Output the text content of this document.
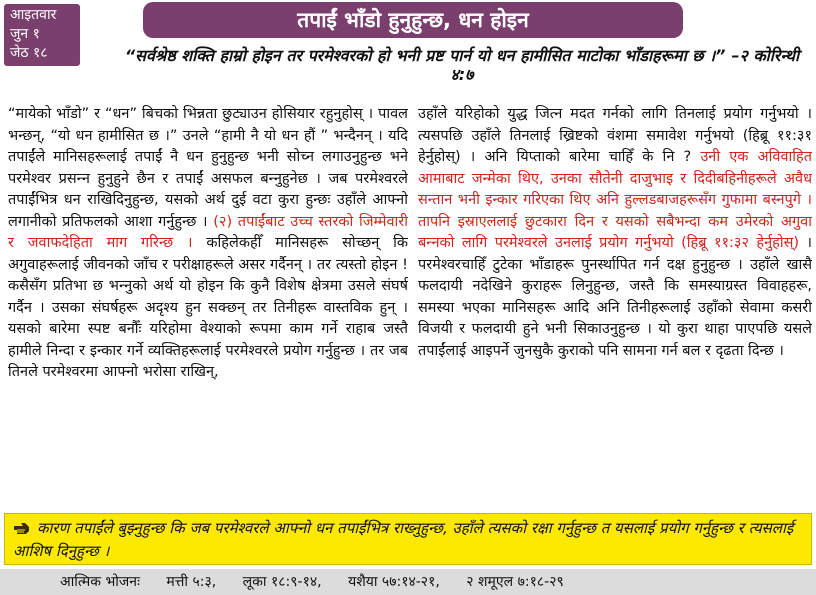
आइतवार
जुन १
जेठ १८
तपाईं भाँडो हुनुहुन्छ, धन होइन
“सर्वश्रेष्ठ शक्ति हाम्रो होइन तर परमेश्‍वरको हो भनी प्रष्ट पार्न यो धन हामीसित माटोका भाँडाहरूमा छ ।” –२ कोरिन्थी ४:७
“मायेको भाँडो” र “धन” बिचको भिन्नता छुट्याउन होसियार रहुनुहोस् । पावल भन्छन्, “यो धन हामीसित छ ।” उनले “हामी नै यो धन हौं ” भन्दैनन् । यदि तपाईंले मानिसहरूलाई तपाईं नै धन हुनुहुन्छ भनी सोच्न लगाउनुहुन्छ भने परमेश्‍वर प्रसन्‍न हुनुहुने छैन र तपाईं असफल बन्‍नुहुनेछ । जब परमेश्‍वरले तपाईंभित्र धन राखिदिनुहुन्छ, यसको अर्थ दुई वटा कुरा हुन्छः उहाँले आफ्नो लगानीको प्रतिफलको आशा गर्नुहुन्छ । (२) तपाईंबाट उच्च स्तरको जिम्मेवारी र जवाफदेहिता माग गरिन्छ । कहिलेकहीँ मानिसहरू सोच्छन् कि अगुवाहरूलाई जीवनको जाँच र परीक्षाहरूले असर गर्दैनन् । तर त्यस्तो होइन ! कसैसँग प्रतिभा छ भन्‍नुको अर्थ यो होइन कि कुनै विशेष क्षेत्रमा उसले संघर्ष गर्दैन । उसका संघर्षहरू अदृश्य हुन सक्छन् तर तिनीहरू वास्तविक हुन् । यसको बारेमा स्पष्ट बनौँः यरिहोमा वेश्याको रूपमा काम गर्ने राहाब जस्तै हामीले निन्दा र इन्कार गर्ने व्यक्तिहरूलाई परमेश्‍वरले प्रयोग गर्नुहुन्छ । तर जब तिनले परमेश्‍वरमा आफ्नो भरोसा राखिन्,
उहाँले यरिहोको युद्ध जित्न मदत गर्नको लागि तिनलाई प्रयोग गर्नुभयो । त्यसपछि उहाँले तिनलाई ख्रिष्टको वंशमा समावेश गर्नुभयो (हिब्रू ११:३१ हेर्नुहोस्) । अनि यिप्ताको बारेमा चाहिँ के नि ? उनी एक अविवाहित आमाबाट जन्मेका थिए, उनका सौतेनी दाजुभाइ र दिदीबहिनीहरूले अवैध सन्तान भनी इन्कार गरिएका थिए अनि हुल्लडबाजहरूसँग गुफामा बस्‍नपुगे । तापनि इस्राएललाई छुटकारा दिन र यसको सबैभन्दा कम उमेरको अगुवा बन्‍नको लागि परमेश्‍वरले उनलाई प्रयोग गर्नुभयो (हिब्रू ११:३२ हेर्नुहोस्) । परमेश्‍वरचाहिँ टुटेका भाँडाहरू पुनर्स्थापित गर्न दक्ष हुनुहुन्छ । उहाँले खासै फलदायी नदेखिने कुराहरू लिनुहुन्छ, जस्तै कि समस्याग्रस्त विवाहहरू, समस्या भएका मानिसहरू आदि अनि तिनीहरूलाई उहाँको सेवामा कसरी विजयी र फलदायी हुने भनी सिकाउनुहुन्छ । यो कुरा थाहा पाएपछि यसले तपाईंलाई आइपर्ने जुनसुकै कुराको पनि सामना गर्न बल र दृढता दिन्छ ।
कारण तपाईंले बुझ्नुहुन्छ कि जब परमेश्‍वरले आफ्नो धन तपाईंभित्र राख्नुहुन्छ, उहाँले त्यसको रक्षा गर्नुहुन्छ त यसलाई प्रयोग गर्नुहुन्छ र त्यसलाई आशिष दिनुहुन्छ ।
आत्मिक भोजनः मत्ती ५:३, लूका १८:९-१४, यशैया ५७:१४-२१, २ शमूएल ७:१८-२९
